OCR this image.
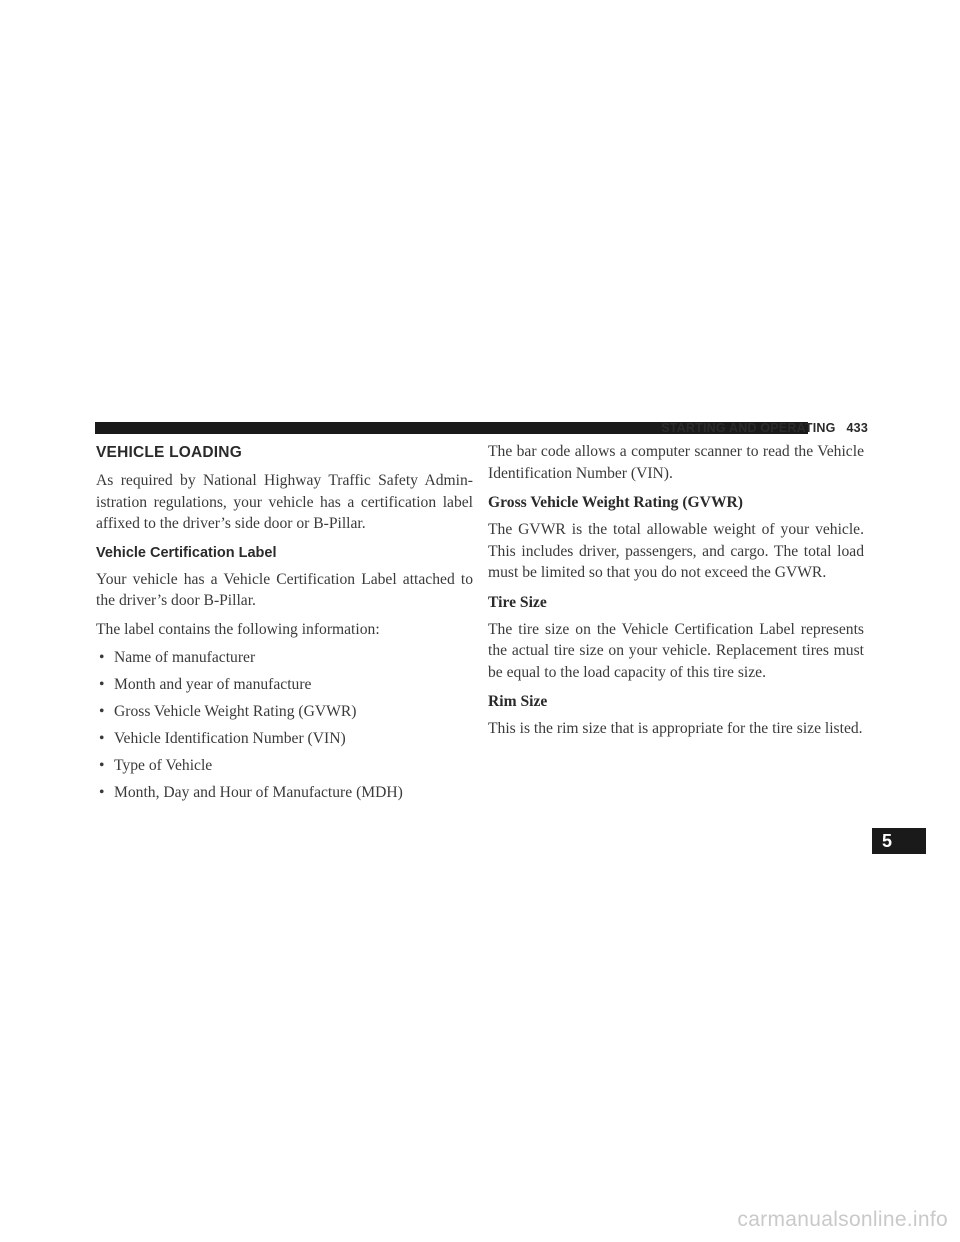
STARTING AND OPERATING 433
VEHICLE LOADING

As required by National Highway Traffic Safety Admin-istration regulations, your vehicle has a certification label affixed to the driver’s side door or B-Pillar.

Vehicle Certification Label

Your vehicle has a Vehicle Certification Label attached to the driver’s door B-Pillar.

The label contains the following information:

• Name of manufacturer
• Month and year of manufacture
• Gross Vehicle Weight Rating (GVWR)
• Vehicle Identification Number (VIN)
• Type of Vehicle
• Month, Day and Hour of Manufacture (MDH)

The bar code allows a computer scanner to read the Vehicle Identification Number (VIN).

Gross Vehicle Weight Rating (GVWR)

The GVWR is the total allowable weight of your vehicle. This includes driver, passengers, and cargo. The total load must be limited so that you do not exceed the GVWR.

Tire Size

The tire size on the Vehicle Certification Label represents the actual tire size on your vehicle. Replacement tires must be equal to the load capacity of this tire size.

Rim Size

This is the rim size that is appropriate for the tire size listed.

5
carmanualsonline.info
